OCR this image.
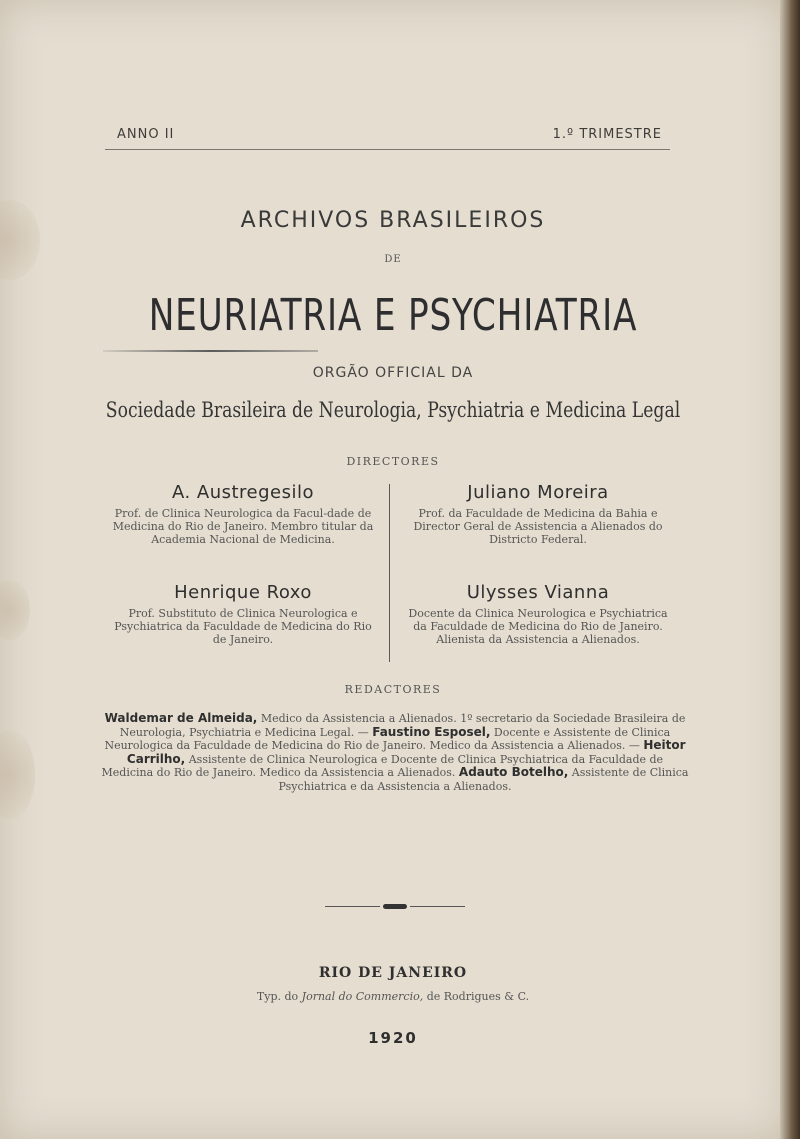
ANNO II	1.º TRIMESTRE
ARCHIVOS BRASILEIROS
DE
NEURIATRIA E PSYCHIATRIA
ORGÃO OFFICIAL DA
Sociedade Brasileira de Neurologia, Psychiatria e Medicina Legal
DIRECTORES
A. Austregesilo
Prof. de Clinica Neurologica da Facul-dade de Medicina do Rio de Janeiro. Membro titular da Academia Nacional de Medicina.
Juliano Moreira
Prof. da Faculdade de Medicina da Bahia e Director Geral de Assistencia a Alienados do Districto Federal.
Henrique Roxo
Prof. Substituto de Clinica Neurologica e Psychiatrica da Faculdade de Medicina do Rio de Janeiro.
Ulysses Vianna
Docente da Clinica Neurologica e Psychiatrica da Faculdade de Medicina do Rio de Janeiro. Alienista da Assistencia a Alienados.
REDACTORES
Waldemar de Almeida, Medico da Assistencia a Alienados. 1º secretario da Sociedade Brasileira de Neurologia, Psychiatria e Medicina Legal. — Faustino Esposel, Docente e Assistente de Clinica Neurologica da Faculdade de Medicina do Rio de Janeiro. Medico da Assistencia a Alienados. — Heitor Carrilho, Assistente de Clinica Neurologica e Docente de Clinica Psychiatrica da Faculdade de Medicina do Rio de Janeiro. Medico da Assistencia a Alienados. Adauto Botelho, Assistente de Clinica Psychiatrica e da Assistencia a Alienados.
RIO DE JANEIRO
Typ. do Jornal do Commercio, de Rodrigues & C.
1920
